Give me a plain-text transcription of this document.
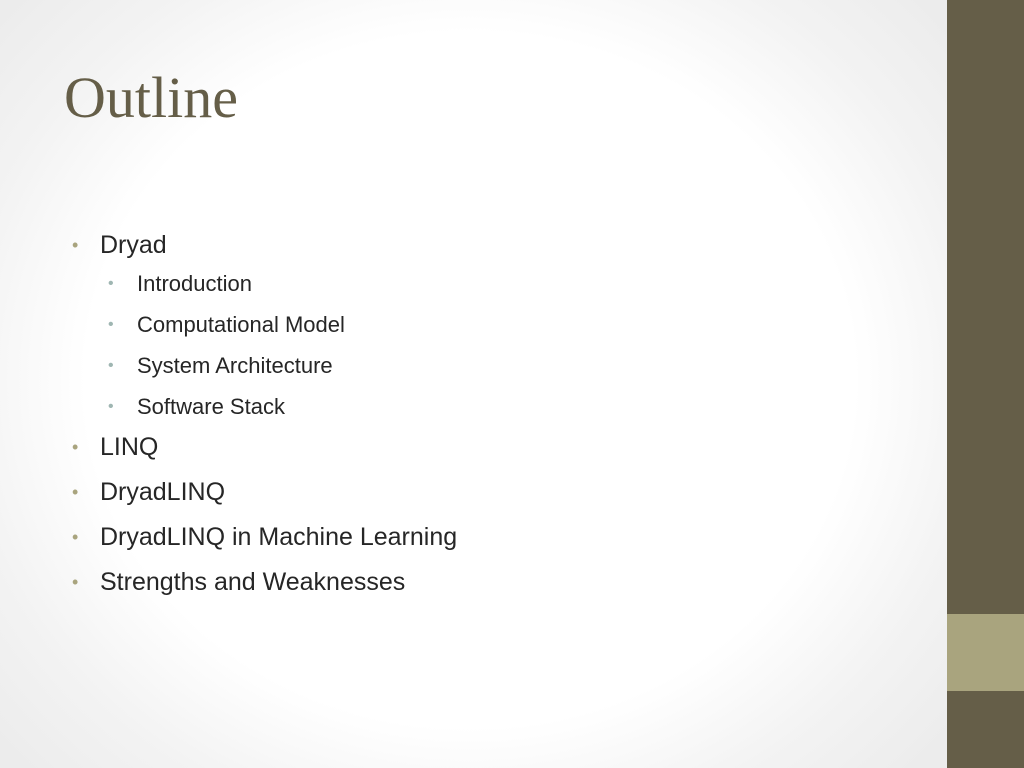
Outline
• Dryad
• Introduction
• Computational Model
• System Architecture
• Software Stack
• LINQ
• DryadLINQ
• DryadLINQ in Machine Learning
• Strengths and Weaknesses
